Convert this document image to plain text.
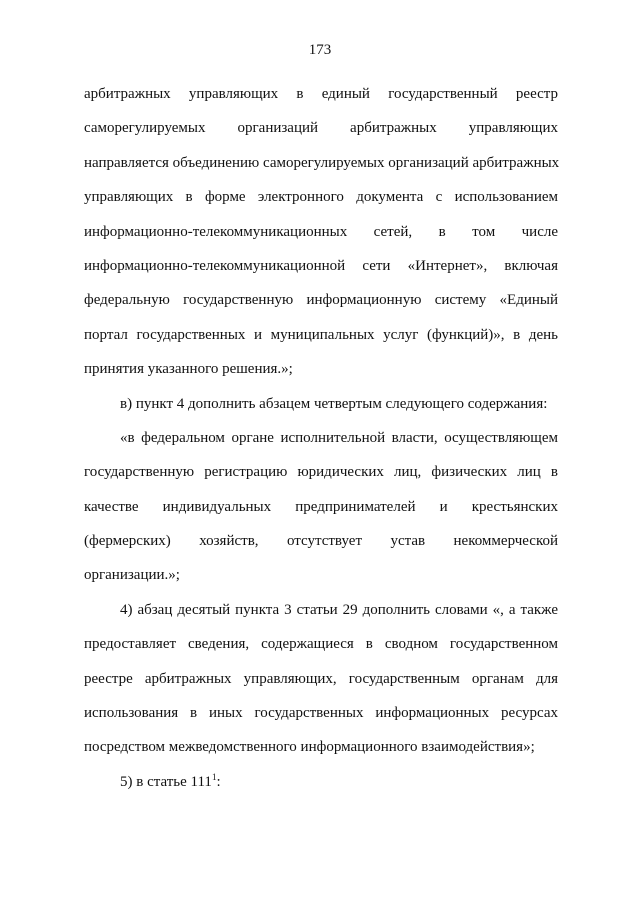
173
арбитражных управляющих в единый государственный реестр
саморегулируемых организаций арбитражных управляющих
направляется объединению саморегулируемых организаций арбитражных
управляющих в форме электронного документа с использованием
информационно-телекоммуникационных сетей, в том числе
информационно-телекоммуникационной сети «Интернет», включая
федеральную государственную информационную систему «Единый
портал государственных и муниципальных услуг (функций)», в день
принятия указанного решения.»;
в) пункт 4 дополнить абзацем четвертым следующего содержания:
«в федеральном органе исполнительной власти, осуществляющем
государственную регистрацию юридических лиц, физических лиц в
качестве индивидуальных предпринимателей и крестьянских
(фермерских) хозяйств, отсутствует устав некоммерческой
организации.»;
4) абзац десятый пункта 3 статьи 29 дополнить словами «, а также
предоставляет сведения, содержащиеся в сводном государственном
реестре арбитражных управляющих, государственным органам для
использования в иных государственных информационных ресурсах
посредством межведомственного информационного взаимодействия»;
5) в статье $111^1$:
